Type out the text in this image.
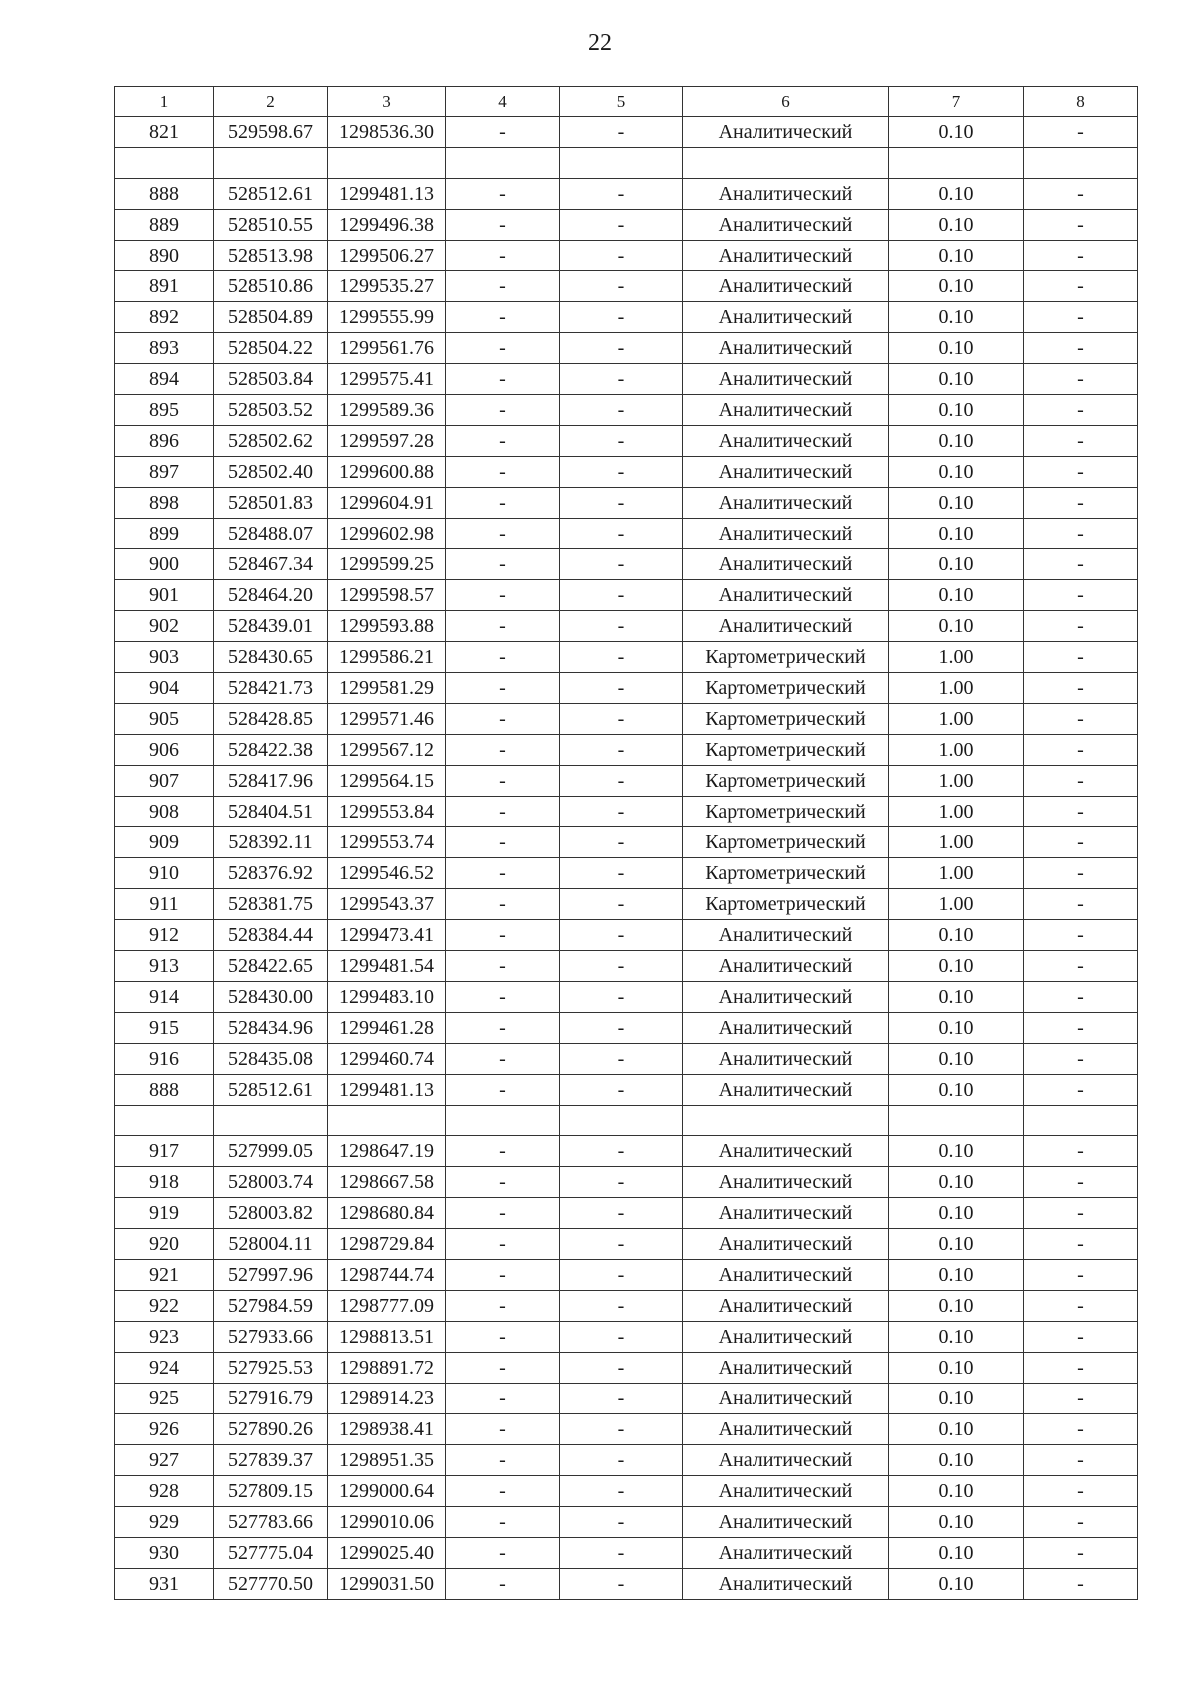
22
1	2	3	4	5	6	7	8
821	529598.67	1298536.30	-	-	Аналитический	0.10	-

888	528512.61	1299481.13	-	-	Аналитический	0.10	-
889	528510.55	1299496.38	-	-	Аналитический	0.10	-
890	528513.98	1299506.27	-	-	Аналитический	0.10	-
891	528510.86	1299535.27	-	-	Аналитический	0.10	-
892	528504.89	1299555.99	-	-	Аналитический	0.10	-
893	528504.22	1299561.76	-	-	Аналитический	0.10	-
894	528503.84	1299575.41	-	-	Аналитический	0.10	-
895	528503.52	1299589.36	-	-	Аналитический	0.10	-
896	528502.62	1299597.28	-	-	Аналитический	0.10	-
897	528502.40	1299600.88	-	-	Аналитический	0.10	-
898	528501.83	1299604.91	-	-	Аналитический	0.10	-
899	528488.07	1299602.98	-	-	Аналитический	0.10	-
900	528467.34	1299599.25	-	-	Аналитический	0.10	-
901	528464.20	1299598.57	-	-	Аналитический	0.10	-
902	528439.01	1299593.88	-	-	Аналитический	0.10	-
903	528430.65	1299586.21	-	-	Картометрический	1.00	-
904	528421.73	1299581.29	-	-	Картометрический	1.00	-
905	528428.85	1299571.46	-	-	Картометрический	1.00	-
906	528422.38	1299567.12	-	-	Картометрический	1.00	-
907	528417.96	1299564.15	-	-	Картометрический	1.00	-
908	528404.51	1299553.84	-	-	Картометрический	1.00	-
909	528392.11	1299553.74	-	-	Картометрический	1.00	-
910	528376.92	1299546.52	-	-	Картометрический	1.00	-
911	528381.75	1299543.37	-	-	Картометрический	1.00	-
912	528384.44	1299473.41	-	-	Аналитический	0.10	-
913	528422.65	1299481.54	-	-	Аналитический	0.10	-
914	528430.00	1299483.10	-	-	Аналитический	0.10	-
915	528434.96	1299461.28	-	-	Аналитический	0.10	-
916	528435.08	1299460.74	-	-	Аналитический	0.10	-
888	528512.61	1299481.13	-	-	Аналитический	0.10	-

917	527999.05	1298647.19	-	-	Аналитический	0.10	-
918	528003.74	1298667.58	-	-	Аналитический	0.10	-
919	528003.82	1298680.84	-	-	Аналитический	0.10	-
920	528004.11	1298729.84	-	-	Аналитический	0.10	-
921	527997.96	1298744.74	-	-	Аналитический	0.10	-
922	527984.59	1298777.09	-	-	Аналитический	0.10	-
923	527933.66	1298813.51	-	-	Аналитический	0.10	-
924	527925.53	1298891.72	-	-	Аналитический	0.10	-
925	527916.79	1298914.23	-	-	Аналитический	0.10	-
926	527890.26	1298938.41	-	-	Аналитический	0.10	-
927	527839.37	1298951.35	-	-	Аналитический	0.10	-
928	527809.15	1299000.64	-	-	Аналитический	0.10	-
929	527783.66	1299010.06	-	-	Аналитический	0.10	-
930	527775.04	1299025.40	-	-	Аналитический	0.10	-
931	527770.50	1299031.50	-	-	Аналитический	0.10	-
